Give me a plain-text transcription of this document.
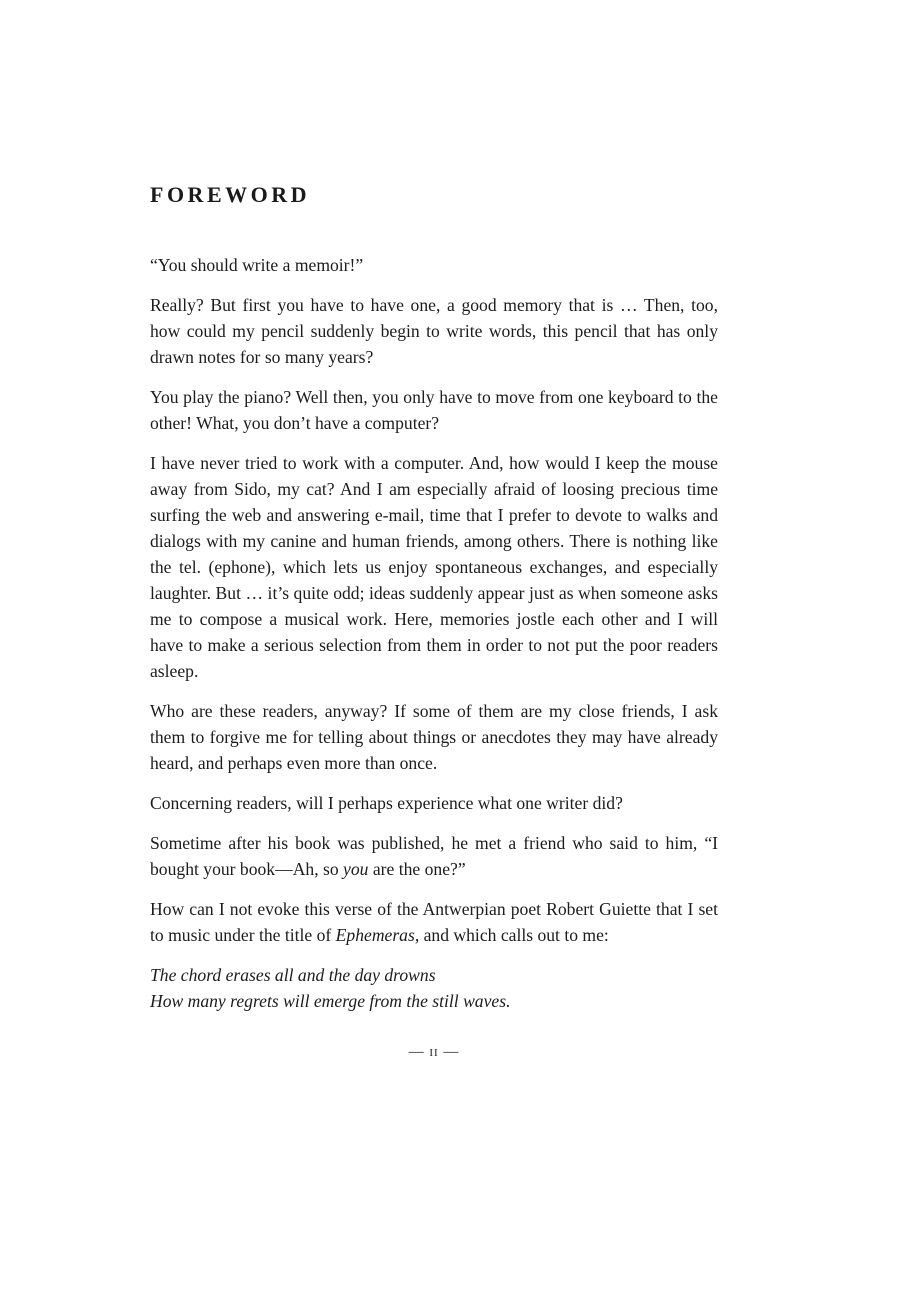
FOREWORD

“You should write a memoir!”

Really? But first you have to have one, a good memory that is … Then, too, how could my pencil suddenly begin to write words, this pencil that has only drawn notes for so many years?

You play the piano? Well then, you only have to move from one keyboard to the other! What, you don’t have a computer?

I have never tried to work with a computer. And, how would I keep the mouse away from Sido, my cat? And I am especially afraid of loosing precious time surfing the web and answering e-mail, time that I prefer to devote to walks and dialogs with my canine and human friends, among others. There is nothing like the tel. (ephone), which lets us enjoy spontaneous exchanges, and especially laughter. But … it’s quite odd; ideas suddenly appear just as when someone asks me to compose a musical work. Here, memories jostle each other and I will have to make a serious selection from them in order to not put the poor readers asleep.

Who are these readers, anyway? If some of them are my close friends, I ask them to forgive me for telling about things or anecdotes they may have already heard, and perhaps even more than once.

Concerning readers, will I perhaps experience what one writer did?

Sometime after his book was published, he met a friend who said to him, “I bought your book—Ah, so you are the one?”

How can I not evoke this verse of the Antwerpian poet Robert Guiette that I set to music under the title of Ephemeras, and which calls out to me:

The chord erases all and the day drowns

How many regrets will emerge from the still waves.

— ii —
